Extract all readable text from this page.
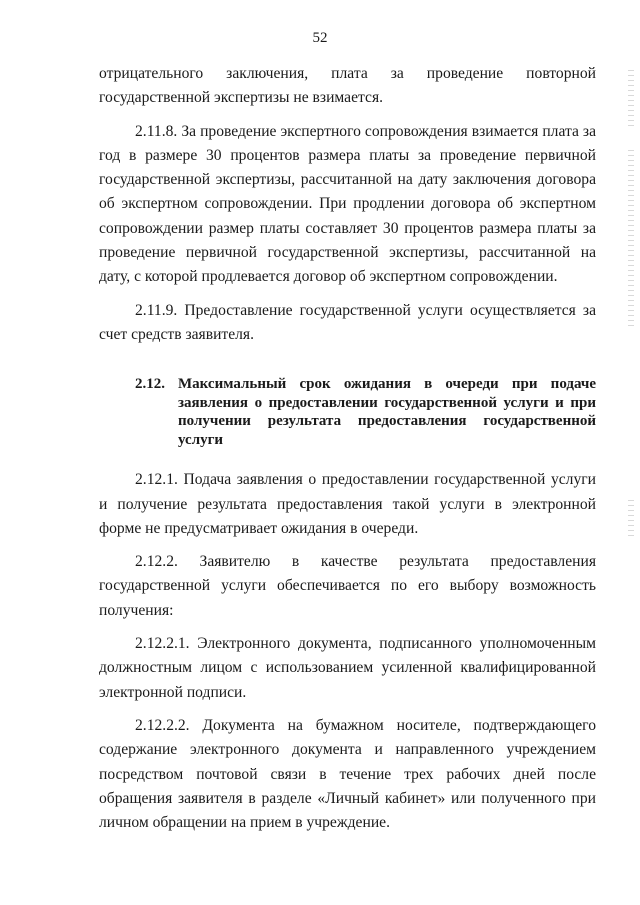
52

отрицательного заключения, плата за проведение повторной государственной экспертизы не взимается.

2.11.8. За проведение экспертного сопровождения взимается плата за год в размере 30 процентов размера платы за проведение первичной государственной экспертизы, рассчитанной на дату заключения договора об экспертном сопровождении. При продлении договора об экспертном сопровождении размер платы составляет 30 процентов размера платы за проведение первичной государственной экспертизы, рассчитанной на дату, с которой продлевается договор об экспертном сопровождении.

2.11.9. Предоставление государственной услуги осуществляется за счет средств заявителя.

2.12. Максимальный срок ожидания в очереди при подаче заявления о предоставлении государственной услуги и при получении результата предоставления государственной услуги

2.12.1. Подача заявления о предоставлении государственной услуги и получение результата предоставления такой услуги в электронной форме не предусматривает ожидания в очереди.

2.12.2. Заявителю в качестве результата предоставления государственной услуги обеспечивается по его выбору возможность получения:

2.12.2.1. Электронного документа, подписанного уполномоченным должностным лицом с использованием усиленной квалифицированной электронной подписи.

2.12.2.2. Документа на бумажном носителе, подтверждающего содержание электронного документа и направленного учреждением посредством почтовой связи в течение трех рабочих дней после обращения заявителя в разделе «Личный кабинет» или полученного при личном обращении на прием в учреждение.
